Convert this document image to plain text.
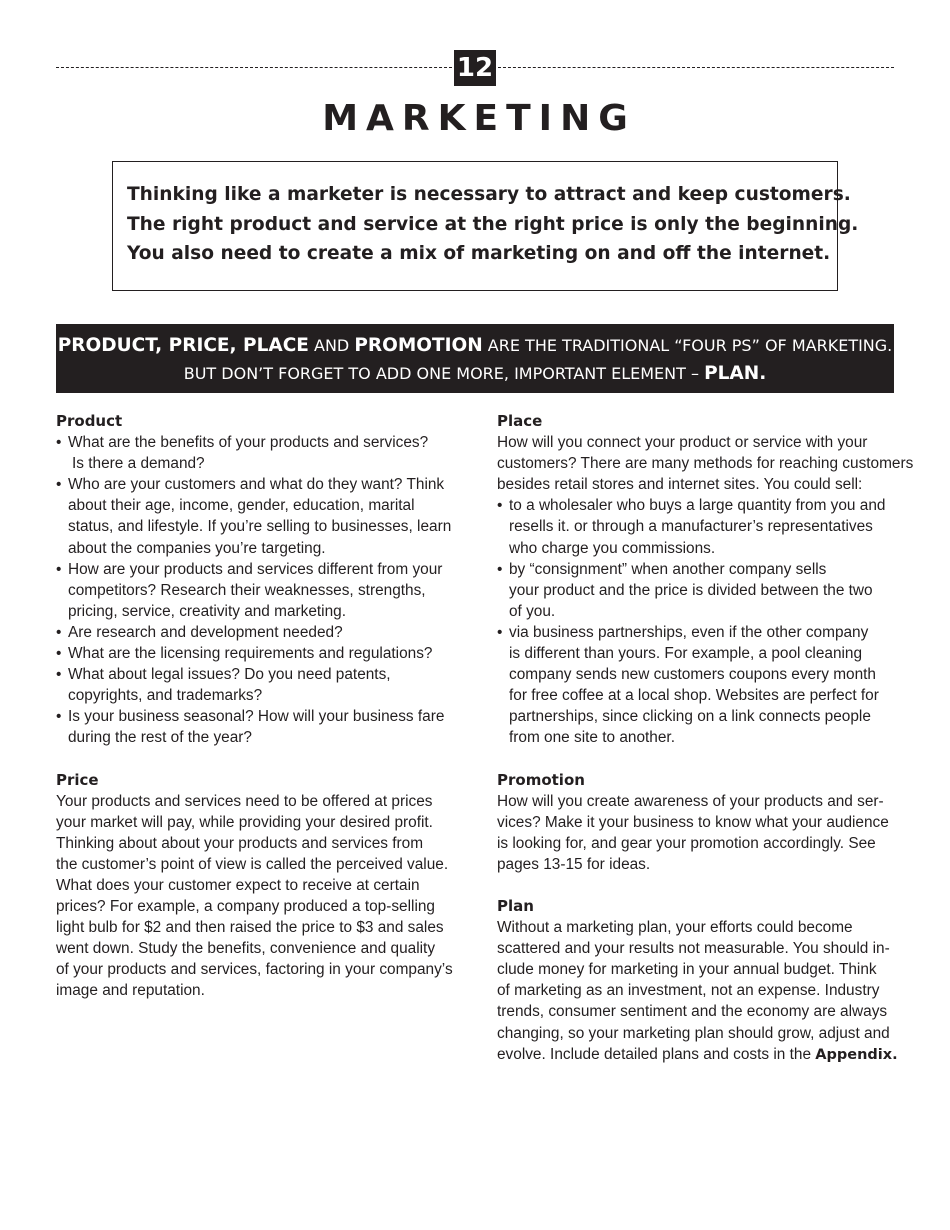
12
MARKETING

Thinking like a marketer is necessary to attract and keep customers.

The right product and service at the right price is only the beginning.

You also need to create a mix of marketing on and off the internet.

PRODUCT, PRICE, PLACE AND PROMOTION ARE THE TRADITIONAL “FOUR PS” OF MARKETING.

BUT DON’T FORGET TO ADD ONE MORE, IMPORTANT ELEMENT – PLAN.

Product
• What are the benefits of your products and services?
Is there a demand?
• Who are your customers and what do they want? Think
about their age, income, gender, education, marital
status, and lifestyle. If you’re selling to businesses, learn
about the companies you’re targeting.
• How are your products and services different from your
competitors? Research their weaknesses, strengths,
pricing, service, creativity and marketing.
• Are research and development needed?
• What are the licensing requirements and regulations?
• What about legal issues? Do you need patents,
copyrights, and trademarks?
• Is your business seasonal? How will your business fare
during the rest of the year?
Price

Your products and services need to be offered at prices
your market will pay, while providing your desired profit.
Thinking about about your products and services from
the customer’s point of view is called the perceived value.
What does your customer expect to receive at certain
prices? For example, a company produced a top-selling
light bulb for $2 and then raised the price to $3 and sales
went down. Study the benefits, convenience and quality
of your products and services, factoring in your company’s
image and reputation.

Place

How will you connect your product or service with your
customers? There are many methods for reaching customers
besides retail stores and internet sites. You could sell:

• to a wholesaler who buys a large quantity from you and
resells it. or through a manufacturer’s representatives
who charge you commissions.
• by “consignment” when another company sells
your product and the price is divided between the two
of you.
• via business partnerships, even if the other company
is different than yours. For example, a pool cleaning
company sends new customers coupons every month
for free coffee at a local shop. Websites are perfect for
partnerships, since clicking on a link connects people
from one site to another.
Promotion

How will you create awareness of your products and ser-
vices? Make it your business to know what your audience
is looking for, and gear your promotion accordingly. See
pages 13-15 for ideas.

Plan

Without a marketing plan, your efforts could become
scattered and your results not measurable. You should in-
clude money for marketing in your annual budget. Think
of marketing as an investment, not an expense. Industry
trends, consumer sentiment and the economy are always
changing, so your marketing plan should grow, adjust and
evolve. Include detailed plans and costs in the Appendix.
